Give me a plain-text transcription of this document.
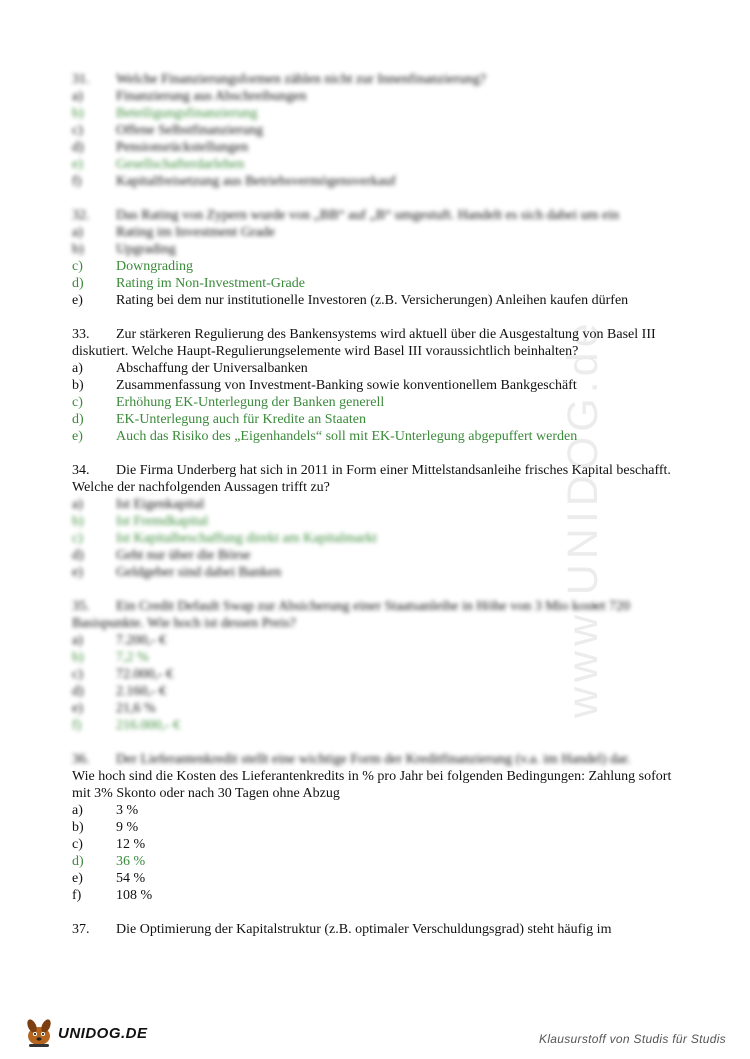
www.UNIDOG.de
31. Welche Finanzierungsformen zählen nicht zur Innenfinanzierung?
a) Finanzierung aus Abschreibungen
b) Beteiligungsfinanzierung
c) Offene Selbstfinanzierung
d) Pensionsrückstellungen
e) Gesellschafterdarlehen
f) Kapitalfreisetzung aus Betriebsvermögensverkauf
32. Das Rating von Zypern wurde von „BB“ auf „B“ umgestuft. Handelt es sich dabei um ein
a) Rating im Investment Grade
b) Upgrading
c) Downgrading
d) Rating im Non-Investment-Grade
e) Rating bei dem nur institutionelle Investoren (z.B. Versicherungen) Anleihen kaufen dürfen
33. Zur stärkeren Regulierung des Bankensystems wird aktuell über die Ausgestaltung von Basel III diskutiert. Welche Haupt-Regulierungselemente wird Basel III voraussichtlich beinhalten?
a) Abschaffung der Universalbanken
b) Zusammenfassung von Investment-Banking sowie konventionellem Bankgeschäft
c) Erhöhung EK-Unterlegung der Banken generell
d) EK-Unterlegung auch für Kredite an Staaten
e) Auch das Risiko des „Eigenhandels“ soll mit EK-Unterlegung abgepuffert werden
34. Die Firma Underberg hat sich in 2011 in Form einer Mittelstandsanleihe frisches Kapital beschafft. Welche der nachfolgenden Aussagen trifft zu?
a) Ist Eigenkapital
b) Ist Fremdkapital
c) Ist Kapitalbeschaffung direkt am Kapitalmarkt
d) Geht nur über die Börse
e) Geldgeber sind dabei Banken
35. Ein Credit Default Swap zur Absicherung einer Staatsanleihe in Höhe von 3 Mio kostet 720 Basispunkte. Wie hoch ist dessen Preis?
a) 7.200,- €
b) 7,2 %
c) 72.000,- €
d) 2.160,- €
e) 21,6 %
f) 216.000,- €
36. Der Lieferantenkredit stellt eine wichtige Form der Kreditfinanzierung (v.a. im Handel) dar.
Wie hoch sind die Kosten des Lieferantenkredits in % pro Jahr bei folgenden Bedingungen: Zahlung sofort mit 3% Skonto oder nach 30 Tagen ohne Abzug
a) 3 %
b) 9 %
c) 12 %
d) 36 %
e) 54 %
f) 108 %
37. Die Optimierung der Kapitalstruktur (z.B. optimaler Verschuldungsgrad) steht häufig im
UNIDOG.DE	Klausurstoff von Studis für Studis
